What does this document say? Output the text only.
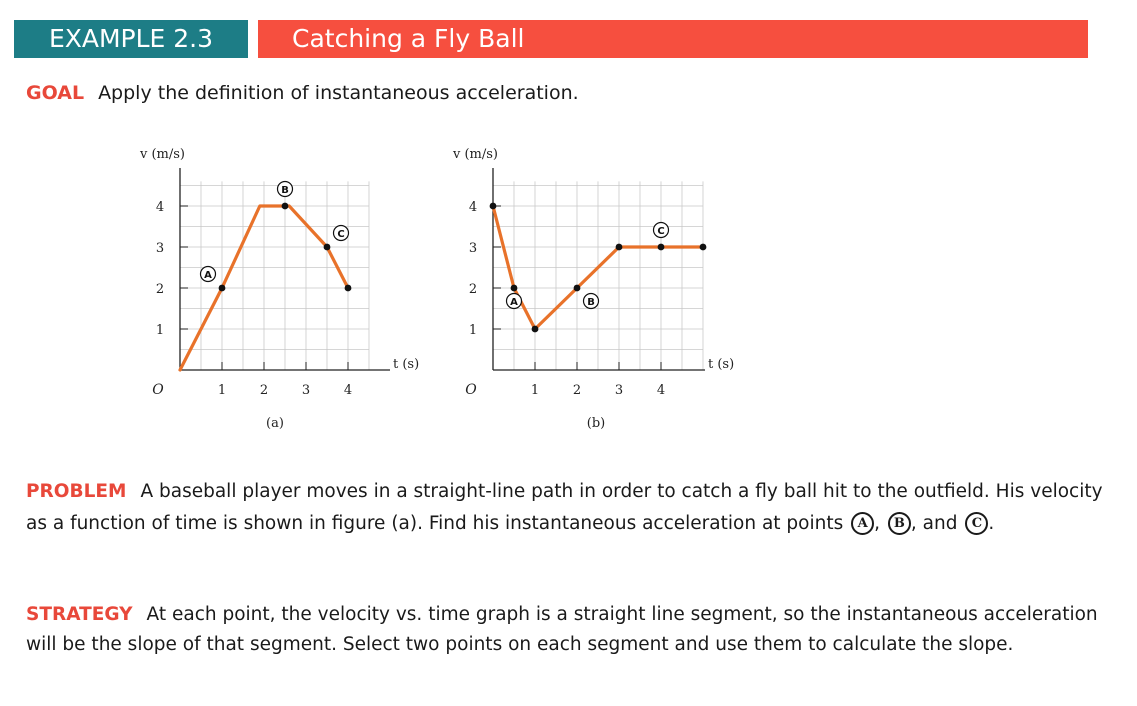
EXAMPLE 2.3	Catching a Fly Ball
GOAL Apply the definition of instantaneous acceleration.
1	2	3	4
1
2
3
4
O
v (m/s)
t (s)
(a)
A
B
C
1	2	3	4
1
2
3
4
O
v (m/s)
t (s)
(b)
A	B
C
PROBLEM A baseball player moves in a straight-line path in order to catch a fly ball hit to the outfield. His velocity as a function of time is shown in figure (a). Find his instantaneous acceleration at points A , B , and C .
STRATEGY At each point, the velocity vs. time graph is a straight line segment, so the instantaneous acceleration will be the slope of that segment. Select two points on each segment and use them to calculate the slope.
